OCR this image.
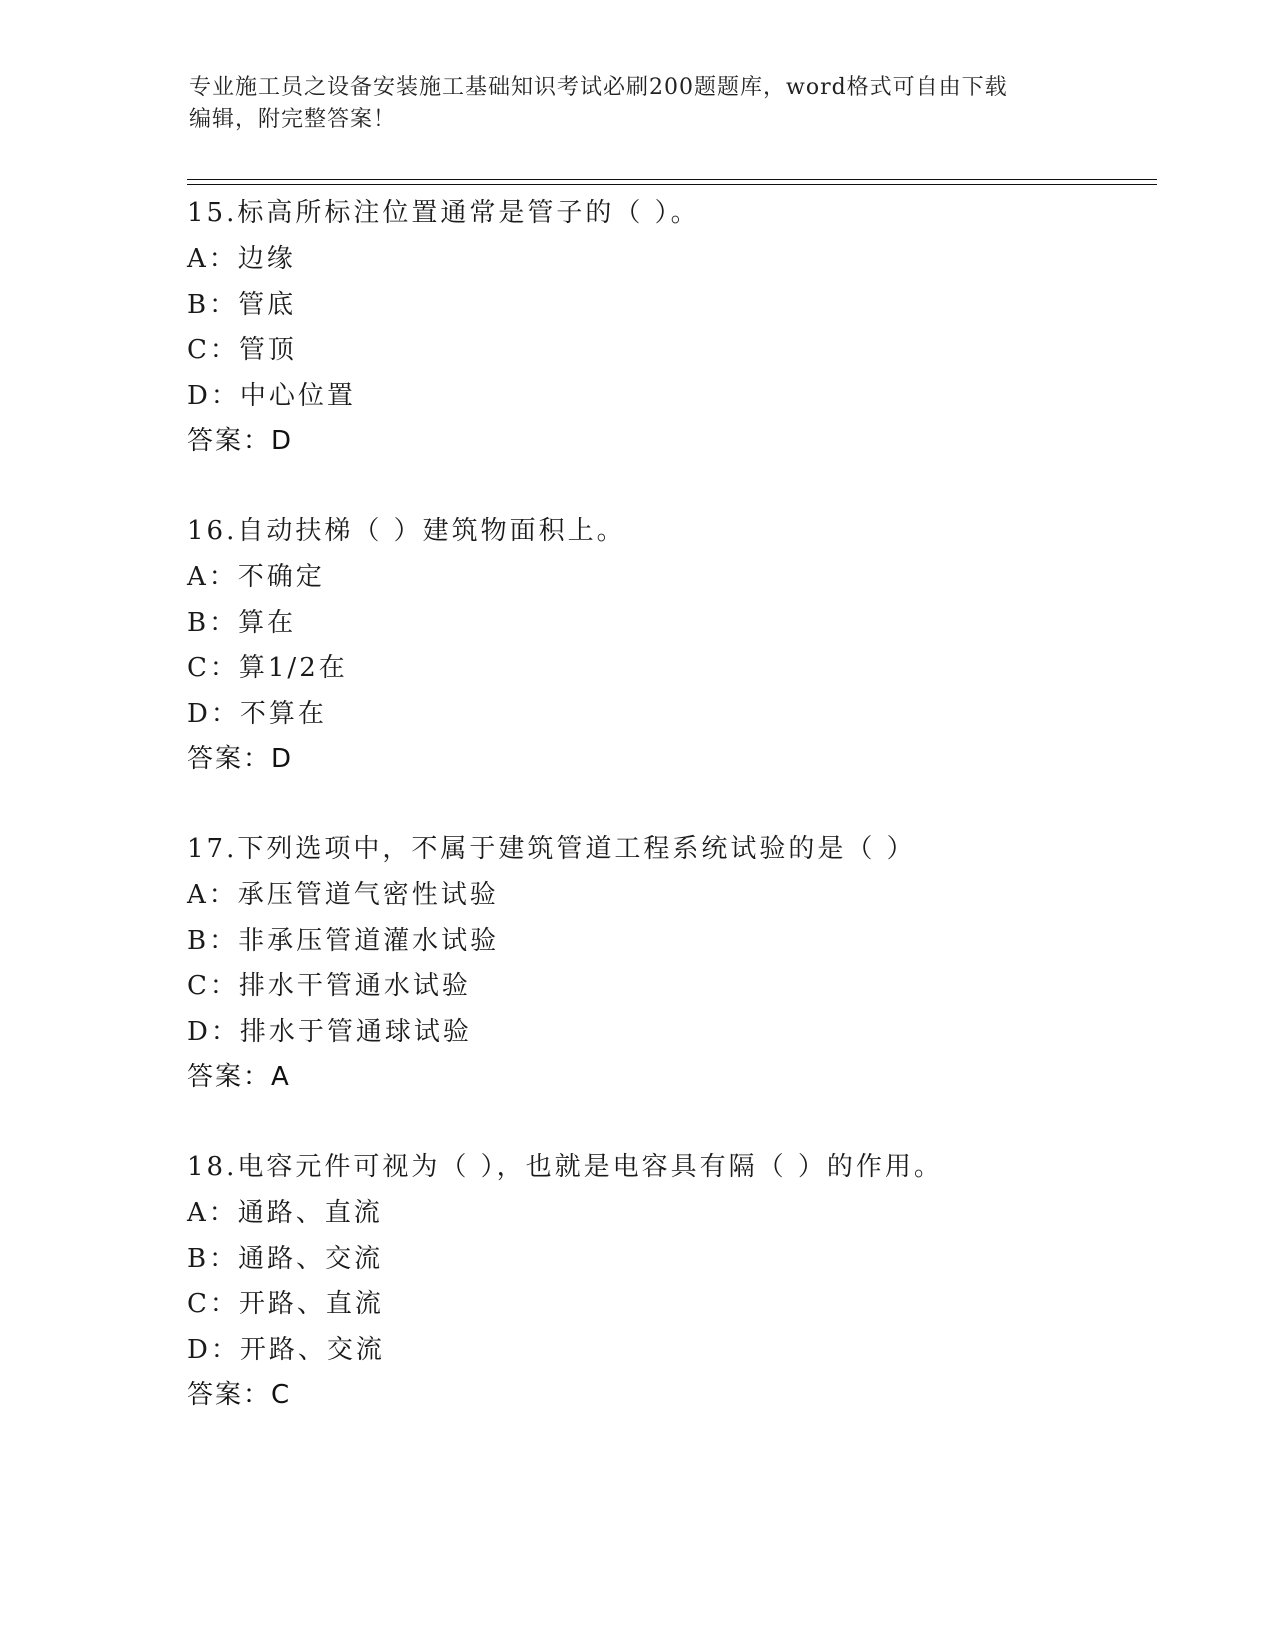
专业施工员之设备安装施工基础知识考试必刷200题题库，word格式可自由下载
编辑，附完整答案！
15.标高所标注位置通常是管子的（ ）。
A：边缘
B：管底
C：管顶
D：中心位置
答案：D
16.自动扶梯（ ）建筑物面积上。
A：不确定
B：算在
C：算1/2在
D：不算在
答案：D
17.下列选项中，不属于建筑管道工程系统试验的是（ ）
A：承压管道气密性试验
B：非承压管道灌水试验
C：排水干管通水试验
D：排水于管通球试验
答案：A
18.电容元件可视为（ ），也就是电容具有隔（ ）的作用。
A：通路、直流
B：通路、交流
C：开路、直流
D：开路、交流
答案：C
